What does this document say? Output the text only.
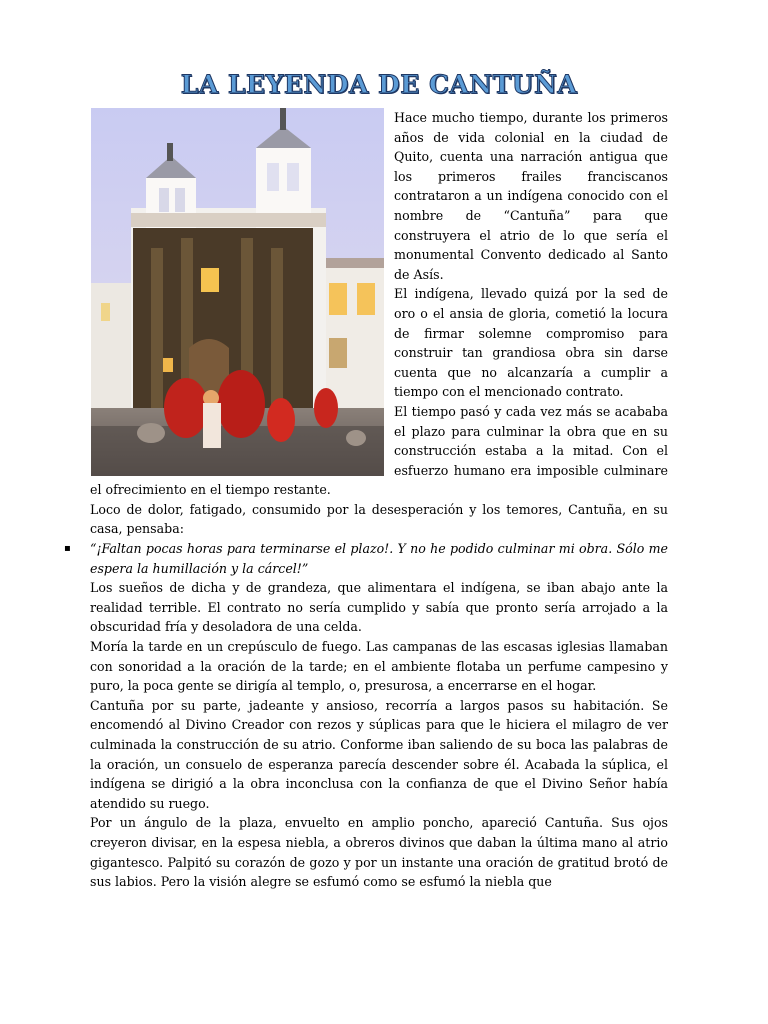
LA LEYENDA DE CANTUÑA

Hace mucho tiempo, durante los primeros años de vida colonial en la ciudad de Quito, cuenta una narración antigua que los primeros frailes franciscanos contrataron a un indígena conocido con el nombre de “Cantuña” para que construyera el atrio de lo que sería el monumental Convento dedicado al Santo de Asís.

El indígena, llevado quizá por la sed de oro o el ansia de gloria, cometió la locura de firmar solemne compromiso para construir tan grandiosa obra sin darse cuenta que no alcanzaría a cumplir a tiempo con el mencionado contrato.

El tiempo pasó y cada vez más se acababa el plazo para culminar la obra que en su construcción estaba a la mitad. Con el esfuerzo humano era imposible culminare el ofrecimiento en el tiempo restante.

Loco de dolor, fatigado, consumido por la desesperación y los temores, Cantuña, en su casa, pensaba:

▪ “¡Faltan pocas horas para terminarse el plazo!. Y no he podido culminar mi obra. Sólo me espera la humillación y la cárcel!”

Los sueños de dicha y de grandeza, que alimentara el indígena, se iban abajo ante la realidad terrible. El contrato no sería cumplido y sabía que pronto sería arrojado a la obscuridad fría y desoladora de una celda.

Moría la tarde en un crepúsculo de fuego. Las campanas de las escasas iglesias llamaban con sonoridad a la oración de la tarde; en el ambiente flotaba un perfume campesino y puro, la poca gente se dirigía al templo, o, presurosa, a encerrarse en el hogar.

Cantuña por su parte, jadeante y ansioso, recorría a largos pasos su habitación. Se encomendó al Divino Creador con rezos y súplicas para que le hiciera el milagro de ver culminada la construcción de su atrio. Conforme iban saliendo de su boca las palabras de la oración, un consuelo de esperanza parecía descender sobre él. Acabada la súplica, el indígena se dirigió a la obra inconclusa con la confianza de que el Divino Señor había atendido su ruego.

Por un ángulo de la plaza, envuelto en amplio poncho, apareció Cantuña. Sus ojos creyeron divisar, en la espesa niebla, a obreros divinos que daban la última mano al atrio gigantesco. Palpitó su corazón de gozo y por un instante una oración de gratitud brotó de sus labios. Pero la visión alegre se esfumó como se esfumó la niebla que
